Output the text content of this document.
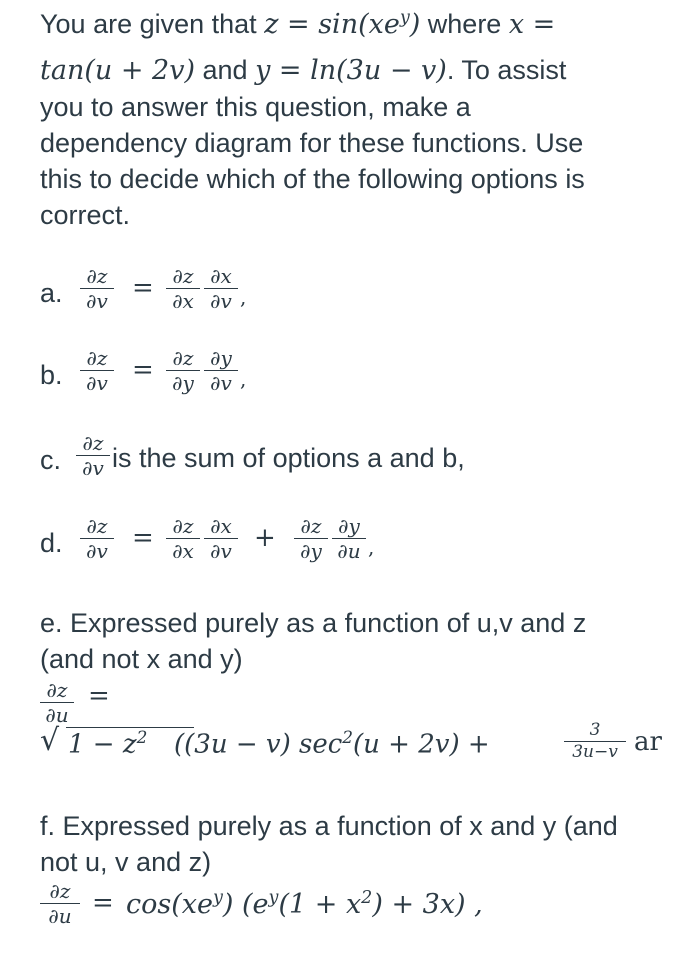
You are given that $z = \sin(xe^y)$ where x =

tan(u + 2v) and y = ln(3u − v). To assist

you to answer this question, make a

dependency diagram for these functions. Use

this to decide which of the following options is

correct.

a.
∂z
∂v = ∂z
∂x
∂x
∂v ,
b.
∂z
∂v = ∂z
∂y
∂y
∂v ,
c.
∂z
∂v is the sum of options a and b,
d.
∂z
∂v = ∂z
∂x
∂x
∂v +	∂z
∂y
∂y
∂u ,
e. Expressed purely as a function of u,v and z
(and not x and y)
∂z
∂u
=
√ $1 - z^2$ ((3u − v) $\sec^2(u + 2v)$ +	3
3u−v ar
f. Expressed purely as a function of x and y (and
not u, v and z)
∂z
$\partial u = \cos(xe^y) (e^y(1 + x^2) + 3x)$ ,
